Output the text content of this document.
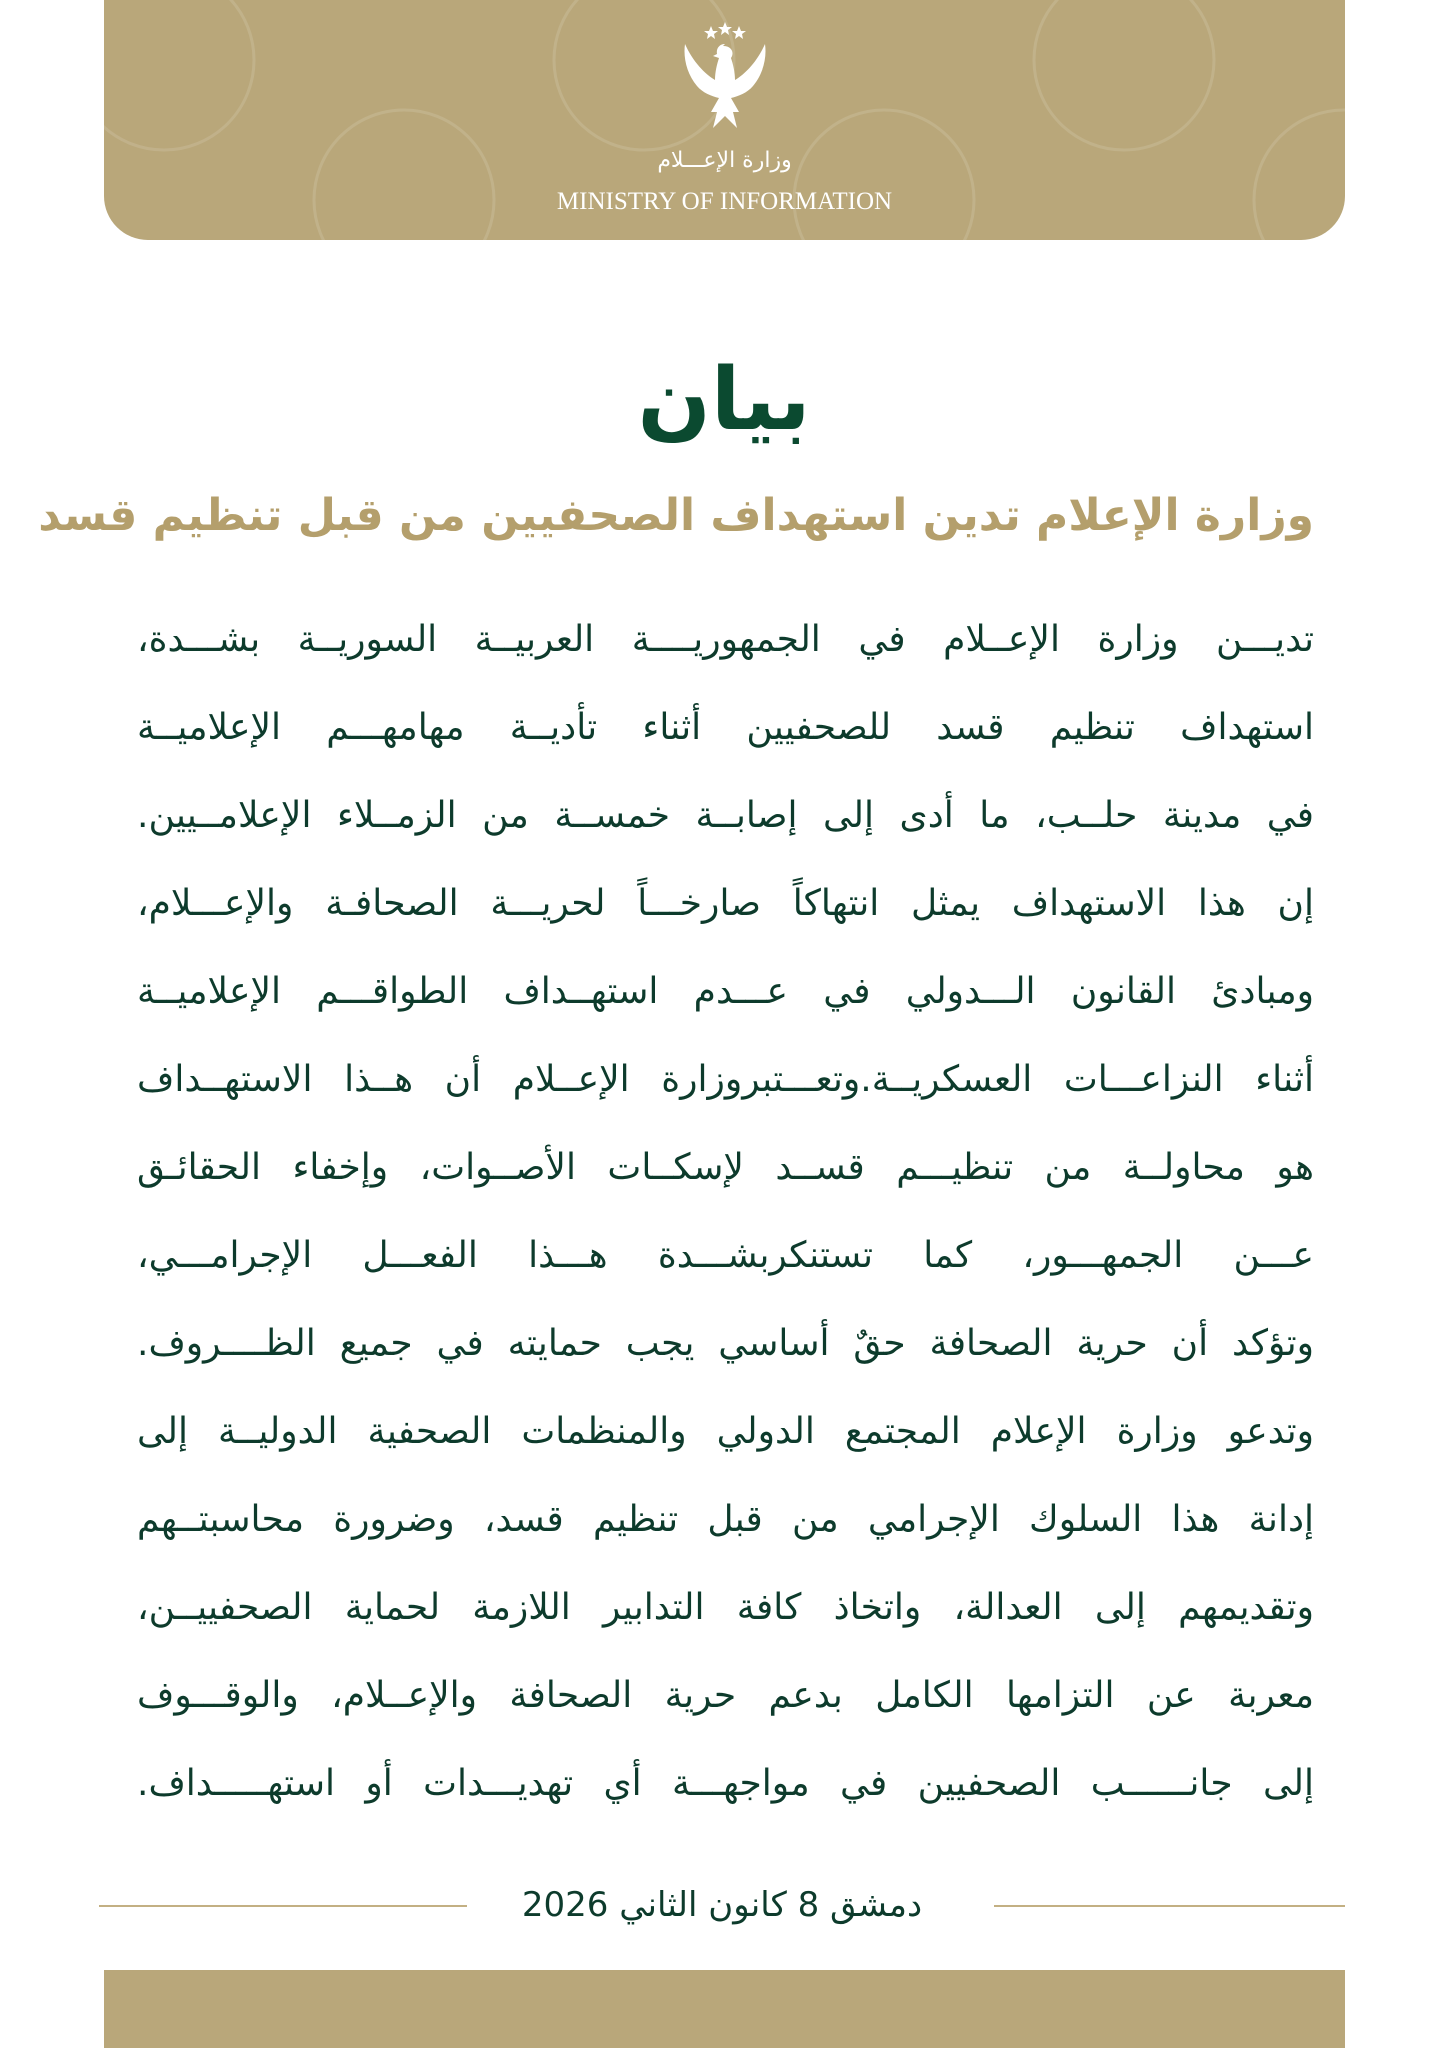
وزارة الإعـــلام
MINISTRY OF INFORMATION
بيان
وزارة الإعلام تدين استهداف الصحفيين من قبل تنظيم قسد
تديـــن وزارة الإعــلام في الجمهوريــــة العربيــة السوريــة بشـــدة،
استهداف تنظيم قسد للصحفيين أثناء تأديــة مهامهـــم الإعلاميــة
في مدينة حلــب، ما أدى إلى إصابــة خمســة من الزمــلاء الإعلامــيين.
إن هذا الاستهداف يمثل انتهاكاً صارخـــاً لحريـــة الصحافـة والإعـــلام،
ومبادئ القانون الـــدولي في عـــدم استهــداف الطواقـــم الإعلاميــة
أثناء النزاعـــات العسكريــة.وتعـــتبروزارة الإعــلام أن هــذا الاستهــداف
هو محاولــة من تنظيـــم قســد لإسكــات الأصــوات، وإخفاء الحقائـق
عـــن الجمهـــور، كما تستنكربشـــدة هـــذا الفعـــل الإجرامـــي،
وتؤكد أن حرية الصحافة حقٌ أساسي يجب حمايته في جميع الظــــروف.
وتدعو وزارة الإعلام المجتمع الدولي والمنظمات الصحفية الدوليــة إلى
إدانة هذا السلوك الإجرامي من قبل تنظيم قسد، وضرورة محاسبتــهم
وتقديمهم إلى العدالة، واتخاذ كافة التدابير اللازمة لحماية الصحفييــن،
معربة عن التزامها الكامل بدعم حرية الصحافة والإعــلام، والوقـــوف
إلى جانــــــب الصحفيين في مواجهـــة أي تهديـــدات أو استهـــــداف.
دمشق 8 كانون الثاني 2026
